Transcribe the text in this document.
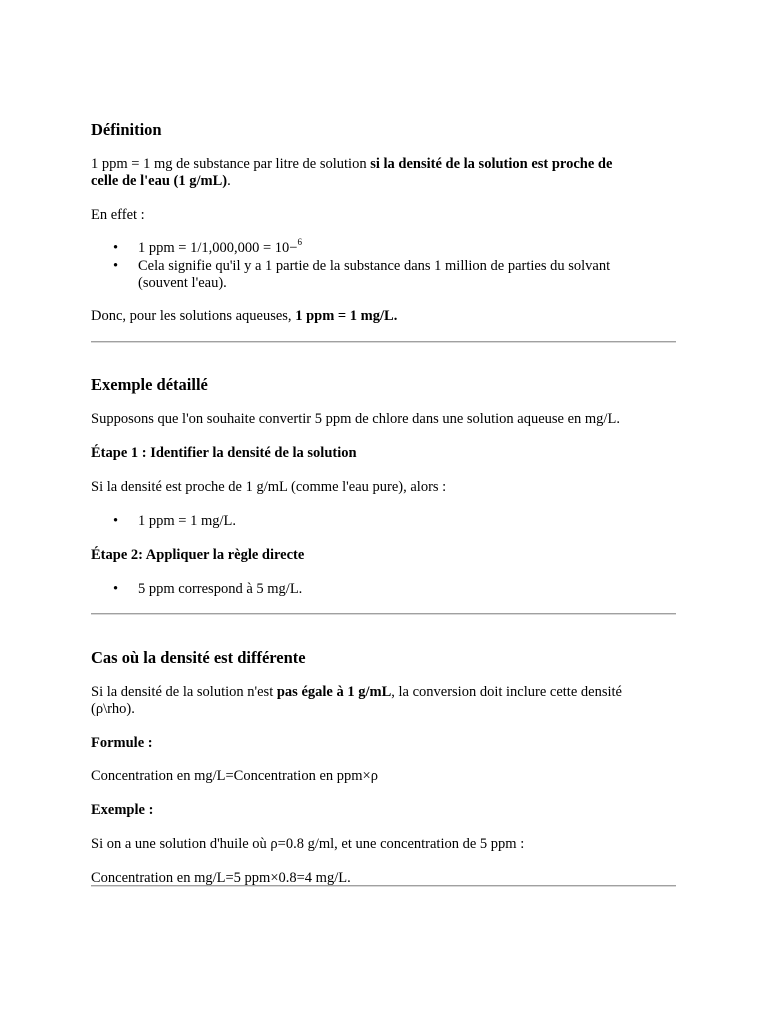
Définition

1 ppm = 1 mg de substance par litre de solution si la densité de la solution est proche de

celle de l'eau (1 g/mL).

En effet :

• 1 ppm = 1/1,000,000 = 10−$^6$
• Cela signifie qu'il y a 1 partie de la substance dans 1 million de parties du solvant
(souvent l'eau).

Donc, pour les solutions aqueuses, 1 ppm = 1 mg/L.

Exemple détaillé

Supposons que l'on souhaite convertir 5 ppm de chlore dans une solution aqueuse en mg/L.

Étape 1 : Identifier la densité de la solution

Si la densité est proche de 1 g/mL (comme l'eau pure), alors :

• 1 ppm = 1 mg/L.

Étape 2: Appliquer la règle directe

• 5 ppm correspond à 5 mg/L.
Cas où la densité est différente

Si la densité de la solution n'est pas égale à 1 g/mL, la conversion doit inclure cette densité

(ρ\rho).

Formule :

Concentration en mg/L=Concentration en ppm×ρ

Exemple :

Si on a une solution d'huile où ρ=0.8 g/ml, et une concentration de 5 ppm :

Concentration en mg/L=5 ppm×0.8=4 mg/L.
